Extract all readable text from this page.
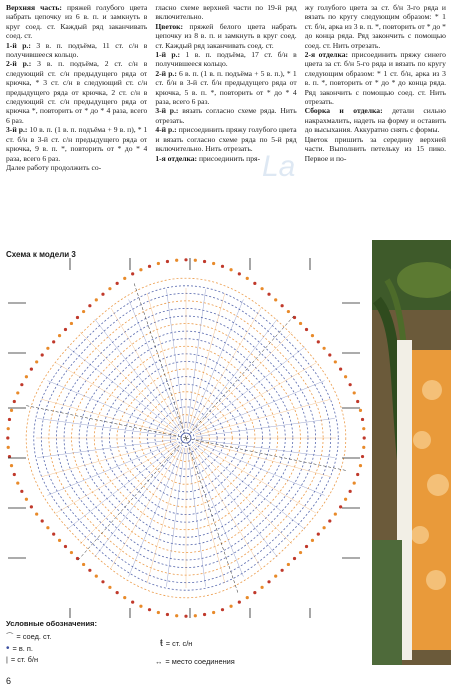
Верхняя часть: пряжей голубого цвета набрать цепочку из 6 в. п. и замкнуть в круг соед. ст. Каждый ряд заканчивать соед. ст.

1-й р.: 3 в. п. подъёма, 11 ст. с/н в получившееся кольцо.

2-й р.: 3 в. п. подъёма, 2 ст. с/н в следующий ст. с/н предыдущего ряда от крючка, * 3 ст. с/н в следующий ст. с/н предыдущего ряда от крючка, 2 ст. с/н в следующий ст. с/н предыдущего ряда от крючка *, повторить от * до * 4 раза, всего 6 раз.

3-й р.: 10 в. п. (1 в. п. подъёма + 9 в. п), * 1 ст. б/н в 3-й ст. с/н предыдущего ряда от крючка, 9 в. п. *, повторить от * до * 4 раза, всего 6 раз.

Далее работу продолжить со-

гласно схеме верхней части по 19-й ряд включительно.

Цветок: пряжей белого цвета набрать цепочку из 8 в. п. и замкнуть в круг соед. ст. Каждый ряд заканчивать соед. ст.

1-й р.: 1 в. п. подъёма, 17 ст. б/н в получившееся кольцо.

2-й р.: 6 в. п. (1 в. п. подъёма + 5 в. п.), * 1 ст. б/н в 3-й ст. б/н предыдущего ряда от крючка, 5 в. п. *, повторить от * до * 4 раза, всего 6 раз.

3-й р.: вязать согласно схеме ряда. Нить отрезать.

4-й р.: присоединить пряжу голубого цвета и вязать согласно схеме ряда по 5-й ряд включительно. Нить отрезать.

1-я отделка: присоединить пря-

жу голубого цвета за ст. б/н 3-го ряда и вязать по кругу следующим образом: * 1 ст. б/н, арка из 3 в. п. *, повторить от * до * до конца ряда. Ряд закончить с помощью соед. ст. Нить отрезать.

2-я отделка: присоединить пряжу синего цвета за ст. б/н 5-го ряда и вязать по кругу следующим образом: * 1 ст. б/н, арка из 3 в. п. *, повторить от * до * до конца ряда. Ряд закончить с помощью соед. ст. Нить отрезать.

Сборка и отделка: детали сильно накрахмалить, надеть на форму и оставить до высыхания. Аккуратно снять с формы.

Цветок пришить за середину верхней части. Выполнить петельку из 15 пико. Первое и по-

La
Схема к модели 3
Условные обозначения:
⌒ = соед. ст.
• = в. п.
| = ст. б/н
ŧ = ст. с/н
↔ = место соединения
6
